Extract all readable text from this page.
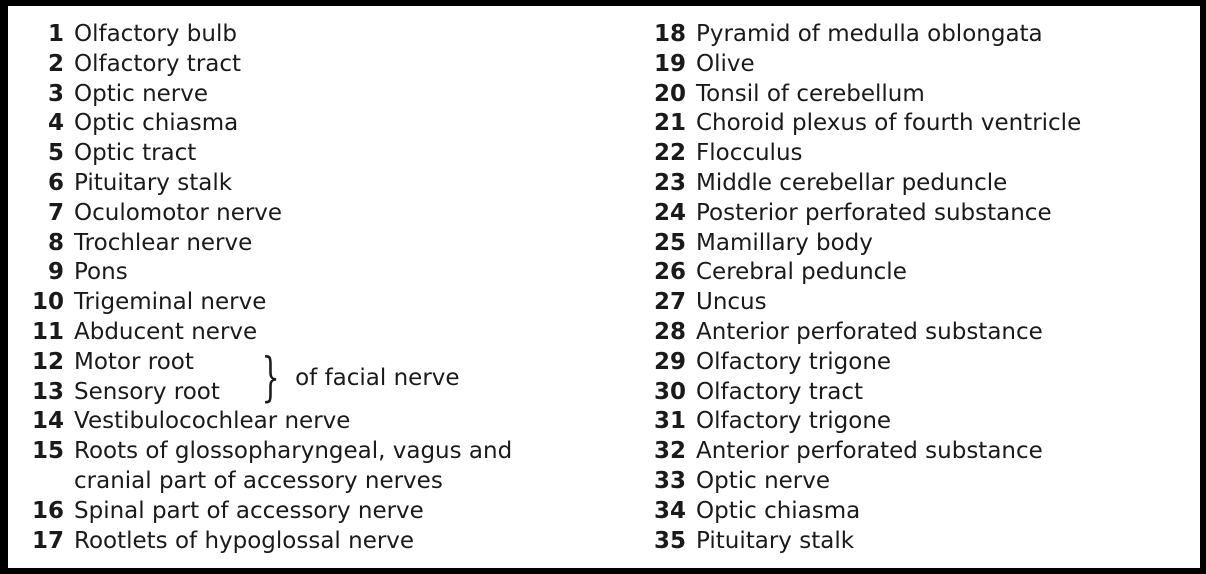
1 Olfactory bulb
2 Olfactory tract
3 Optic nerve
4 Optic chiasma
5 Optic tract
6 Pituitary stalk
7 Oculomotor nerve
8 Trochlear nerve
9 Pons
10 Trigeminal nerve
11 Abducent nerve
12 Motor root
13 Sensory root } of facial nerve
14 Vestibulocochlear nerve
15 Roots of glossopharyngeal, vagus and cranial part of accessory nerves
16 Spinal part of accessory nerve
17 Rootlets of hypoglossal nerve
18 Pyramid of medulla oblongata
19 Olive
20 Tonsil of cerebellum
21 Choroid plexus of fourth ventricle
22 Flocculus
23 Middle cerebellar peduncle
24 Posterior perforated substance
25 Mamillary body
26 Cerebral peduncle
27 Uncus
28 Anterior perforated substance
29 Olfactory trigone
30 Olfactory tract
31 Olfactory trigone
32 Anterior perforated substance
33 Optic nerve
34 Optic chiasma
35 Pituitary stalk
